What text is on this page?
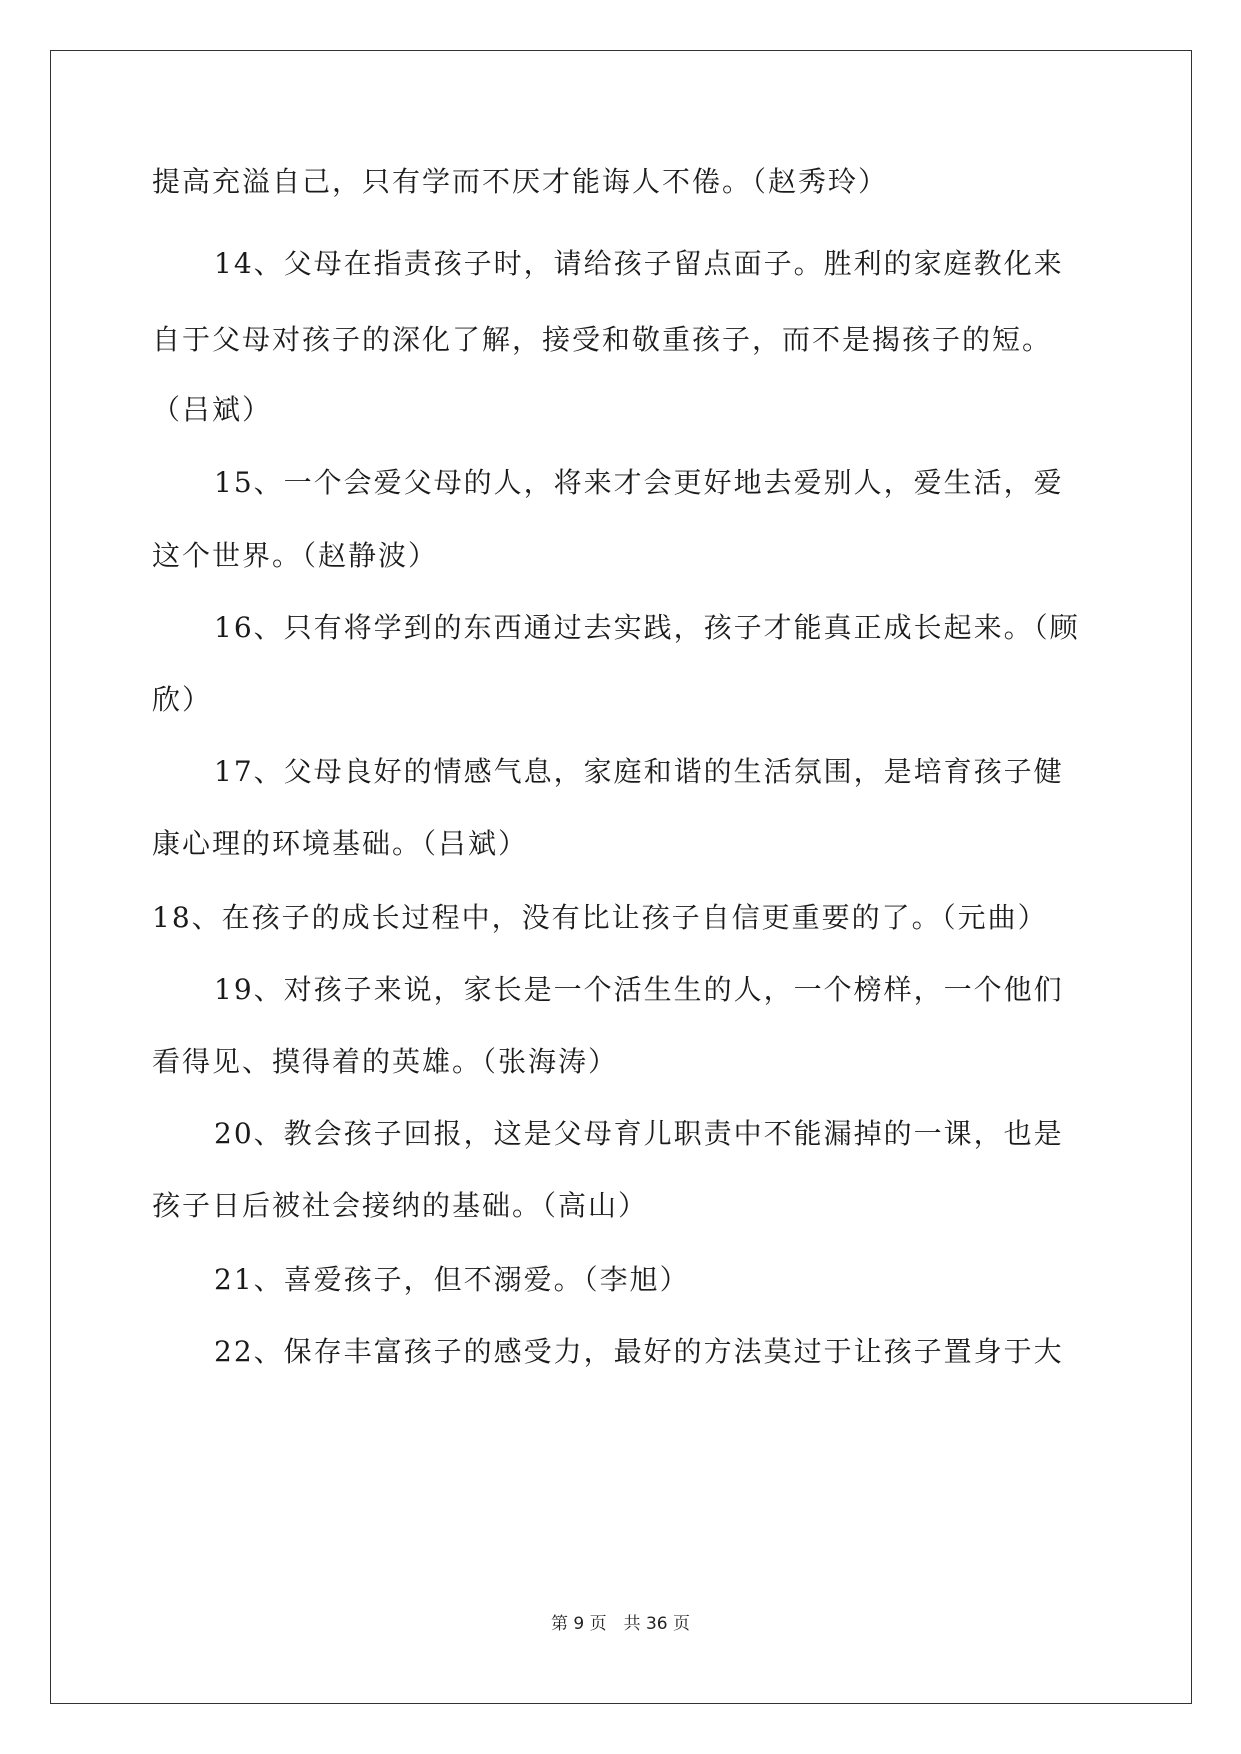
提高充溢自己，只有学而不厌才能诲人不倦。（赵秀玲）
14、父母在指责孩子时，请给孩子留点面子。胜利的家庭教化来
自于父母对孩子的深化了解，接受和敬重孩子，而不是揭孩子的短。
（吕斌）
15、一个会爱父母的人，将来才会更好地去爱别人，爱生活，爱
这个世界。（赵静波）
16、只有将学到的东西通过去实践，孩子才能真正成长起来。（顾
欣）
17、父母良好的情感气息，家庭和谐的生活氛围，是培育孩子健
康心理的环境基础。（吕斌）
18、在孩子的成长过程中，没有比让孩子自信更重要的了。（元曲）
19、对孩子来说，家长是一个活生生的人，一个榜样，一个他们
看得见、摸得着的英雄。（张海涛）
20、教会孩子回报，这是父母育儿职责中不能漏掉的一课，也是
孩子日后被社会接纳的基础。（高山）
21、喜爱孩子，但不溺爱。（李旭）
22、保存丰富孩子的感受力，最好的方法莫过于让孩子置身于大
第 9 页　共 36 页
